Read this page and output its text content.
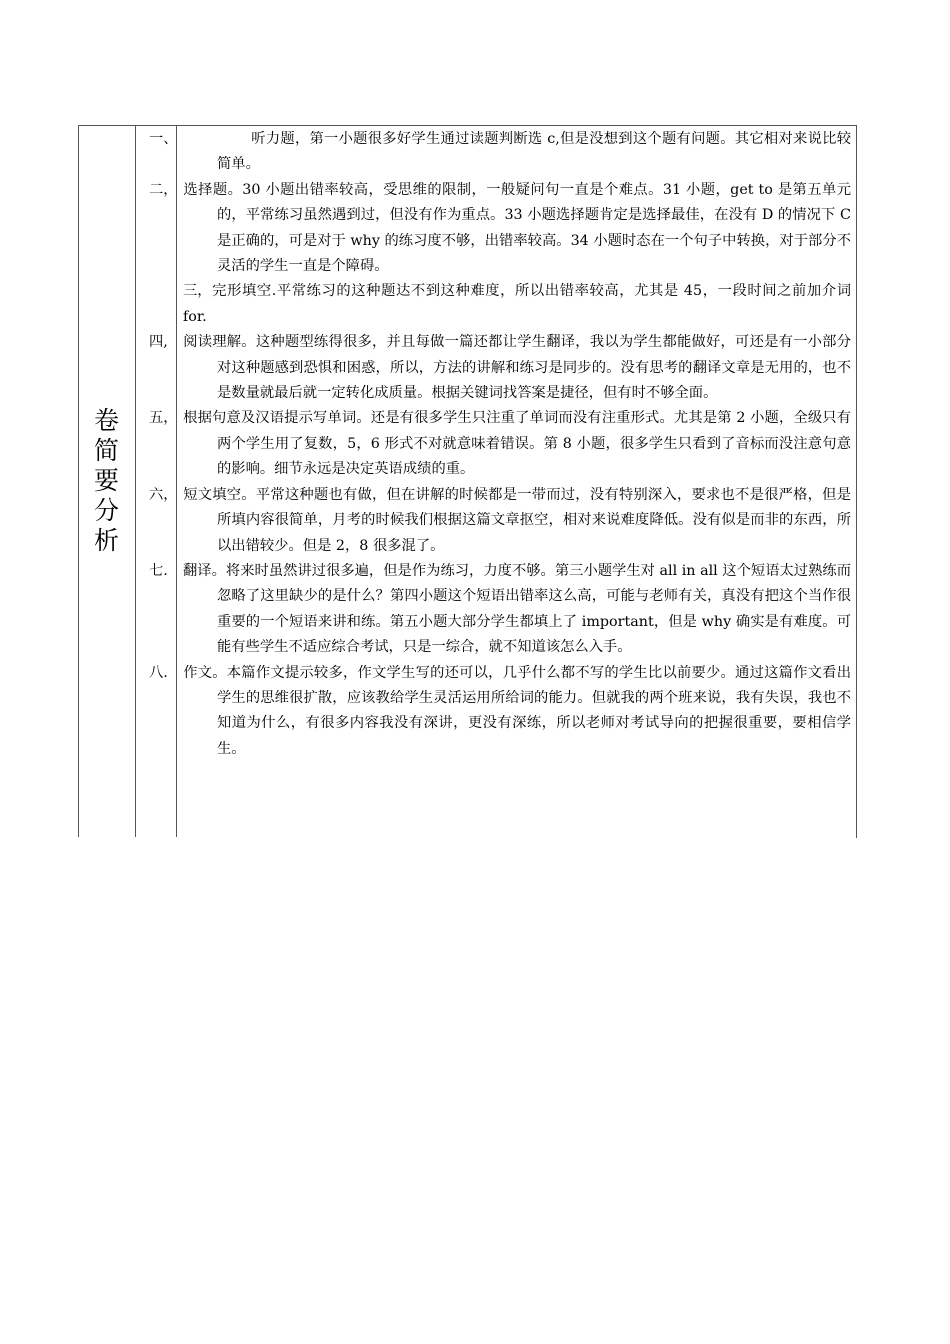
卷简要分析

一、	听力题，第一小题很多好学生通过读题判断选 c,但是没想到这个题有问题。其它相对来说比较简单。

二， 选择题。30 小题出错率较高，受思维的限制，一般疑问句一直是个难点。31 小题，get to 是第五单元的，平常练习虽然遇到过，但没有作为重点。33 小题选择题肯定是选择最佳，在没有 D 的情况下 C 是正确的，可是对于 why 的练习度不够，出错率较高。34 小题时态在一个句子中转换，对于部分不灵活的学生一直是个障碍。

三，完形填空.平常练习的这种题达不到这种难度，所以出错率较高，尤其是 45，一段时间之前加介词 for.

四, 阅读理解。这种题型练得很多，并且每做一篇还都让学生翻译，我以为学生都能做好，可还是有一小部分对这种题感到恐惧和困惑，所以，方法的讲解和练习是同步的。没有思考的翻译文章是无用的，也不是数量就最后就一定转化成质量。根据关键词找答案是捷径，但有时不够全面。

五， 根据句意及汉语提示写单词。还是有很多学生只注重了单词而没有注重形式。尤其是第 2 小题，全级只有两个学生用了复数，5，6 形式不对就意味着错误。第 8 小题，很多学生只看到了音标而没注意句意的影响。细节永远是决定英语成绩的重。

六， 短文填空。平常这种题也有做，但在讲解的时候都是一带而过，没有特别深入，要求也不是很严格，但是所填内容很简单，月考的时候我们根据这篇文章抠空，相对来说难度降低。没有似是而非的东西，所以出错较少。但是 2，8 很多混了。

七. 翻译。将来时虽然讲过很多遍，但是作为练习，力度不够。第三小题学生对 all in all 这个短语太过熟练而忽略了这里缺少的是什么？第四小题这个短语出错率这么高，可能与老师有关，真没有把这个当作很重要的一个短语来讲和练。第五小题大部分学生都填上了 important，但是 why 确实是有难度。可能有些学生不适应综合考试，只是一综合，就不知道该怎么入手。

八. 作文。本篇作文提示较多，作文学生写的还可以，几乎什么都不写的学生比以前要少。通过这篇作文看出学生的思维很扩散，应该教给学生灵活运用所给词的能力。但就我的两个班来说，我有失误，我也不知道为什么，有很多内容我没有深讲，更没有深练，所以老师对考试导向的把握很重要，要相信学生。
